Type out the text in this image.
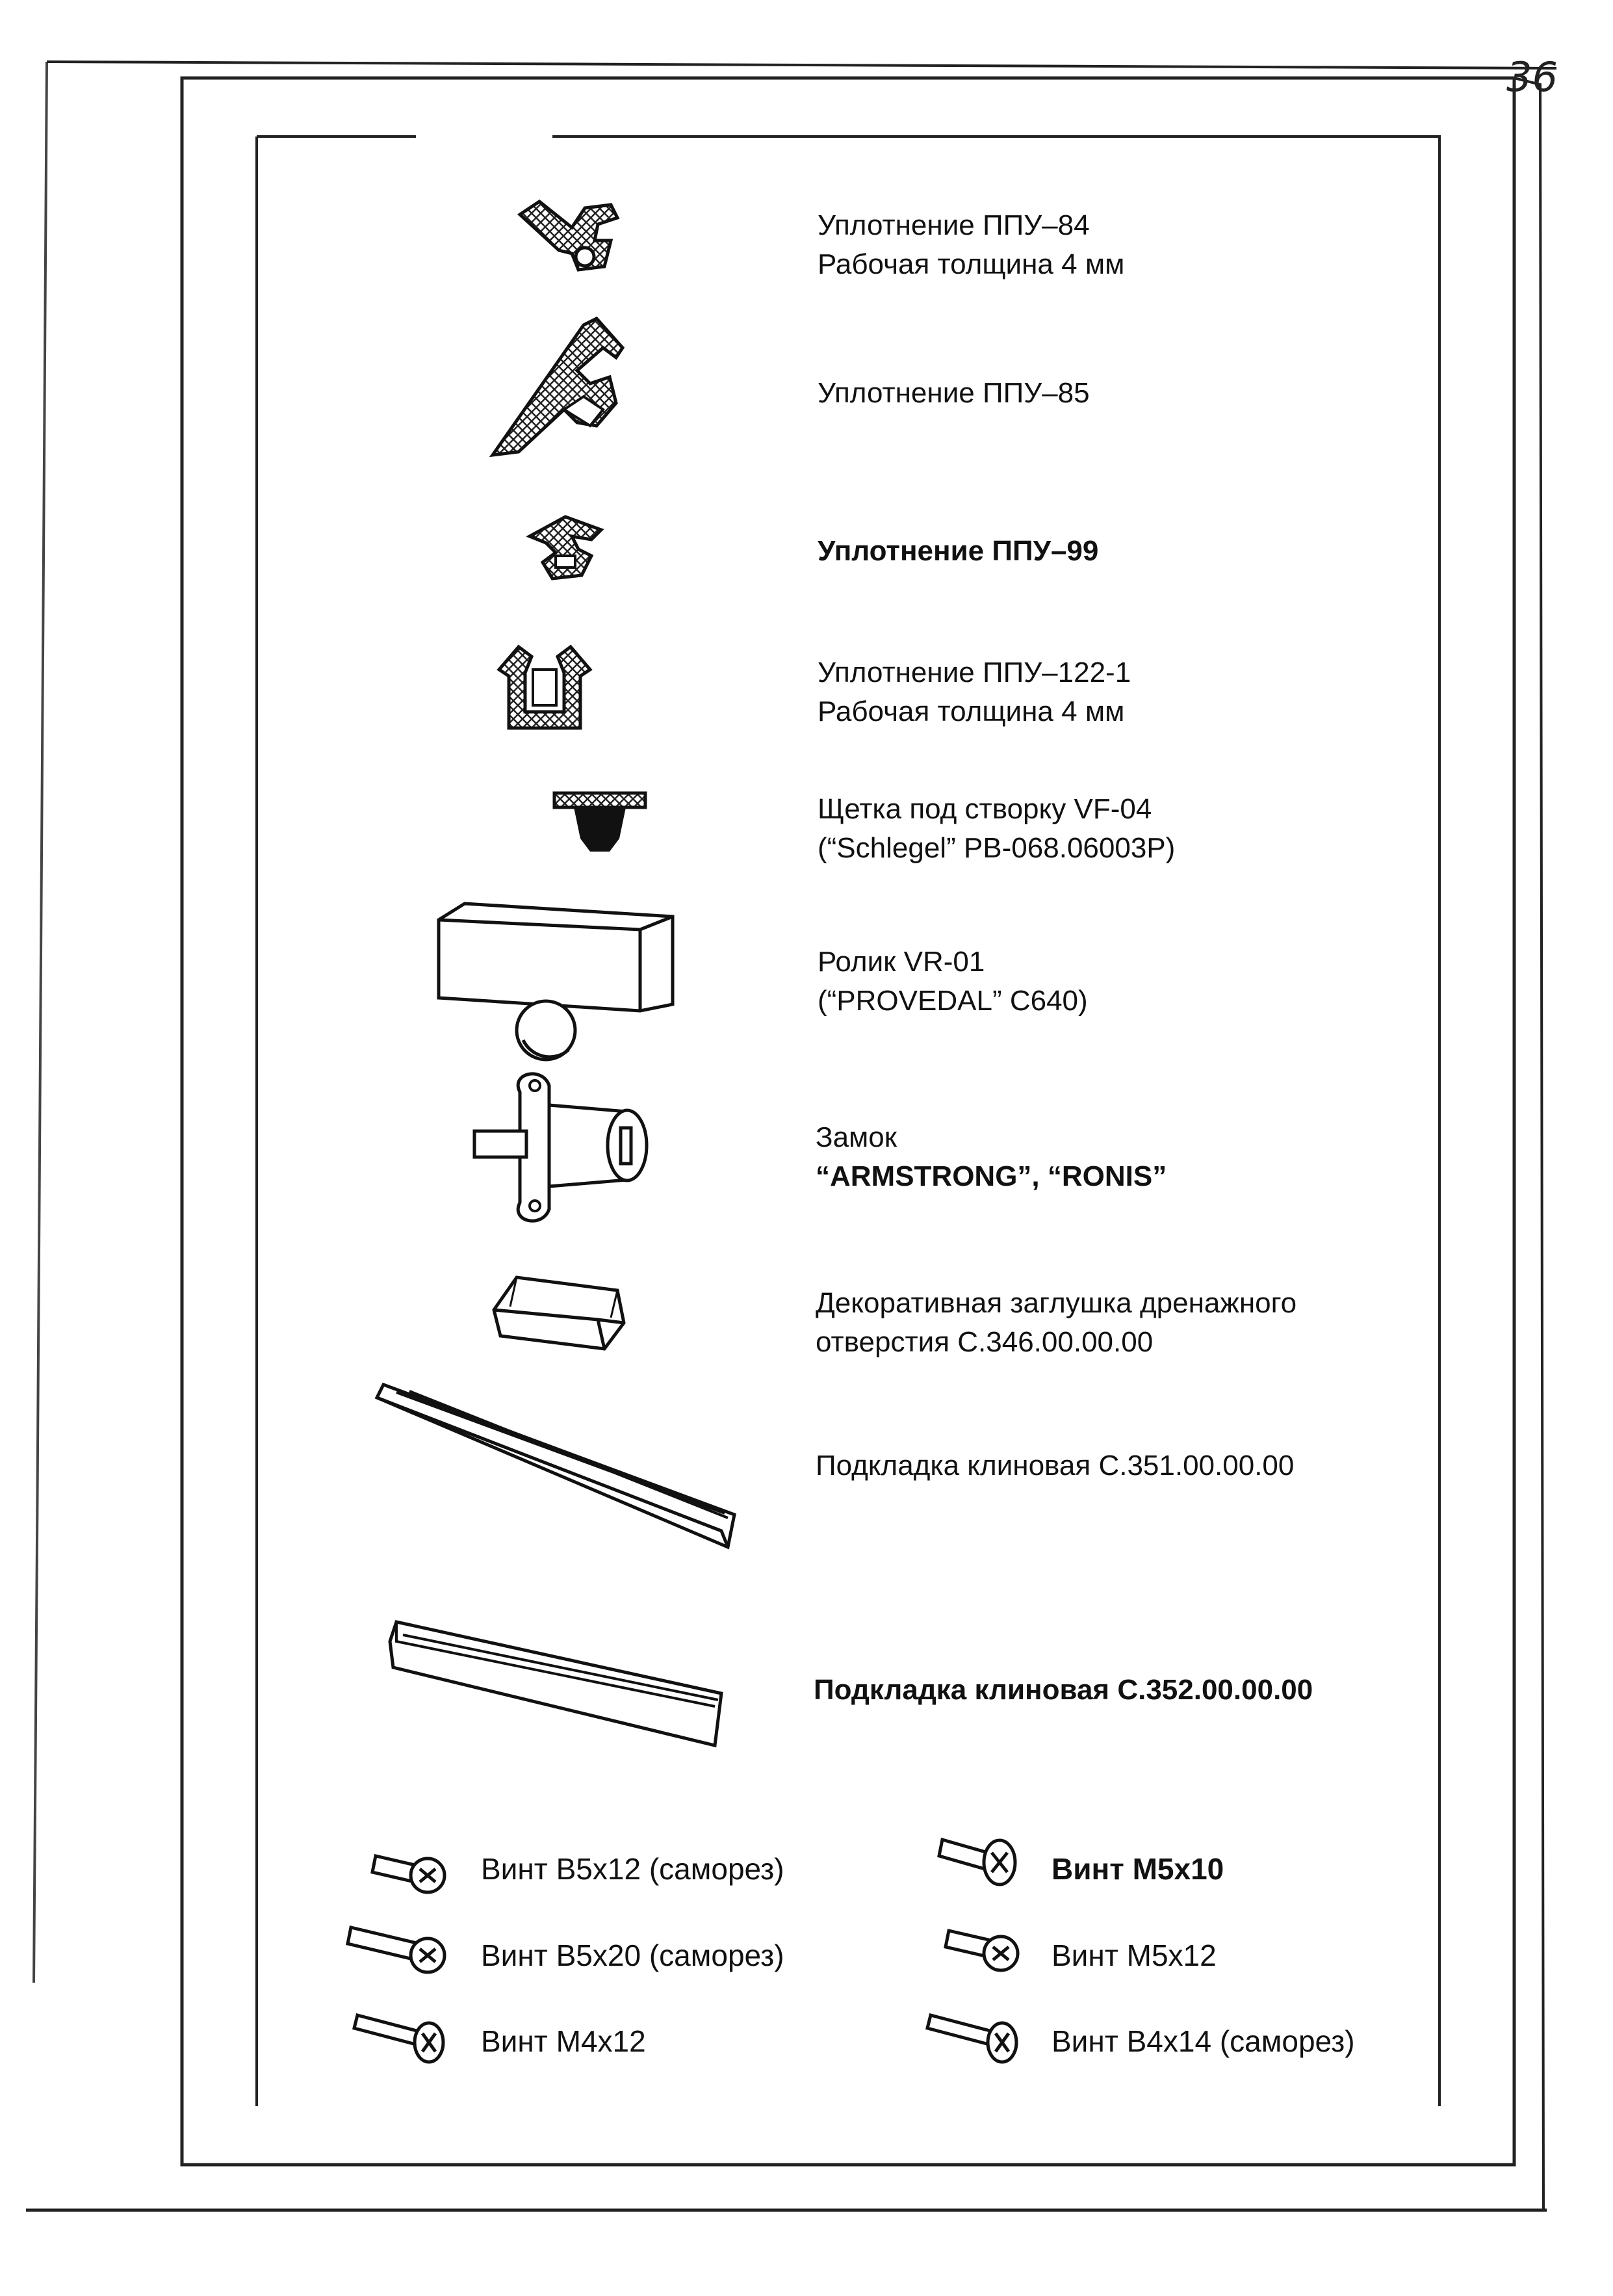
36
Уплотнение ППУ–84
Рабочая толщина 4 мм
Уплотнение ППУ–85
Уплотнение ППУ–99
Уплотнение ППУ–122-1
Рабочая толщина 4 мм
Щетка под створку VF-04
(“Schlegel” PB-068.06003P)
Ролик VR-01
(“PROVEDAL” C640)
Замок
“ARMSTRONG”, “RONIS”
Декоративная заглушка дренажного
отверстия С.346.00.00.00
Подкладка клиновая С.351.00.00.00
Подкладка клиновая С.352.00.00.00
Винт В5х12 (саморез)	Винт М5х10
Винт В5х20 (саморез)	Винт М5х12
Винт М4х12	Винт В4х14 (саморез)
